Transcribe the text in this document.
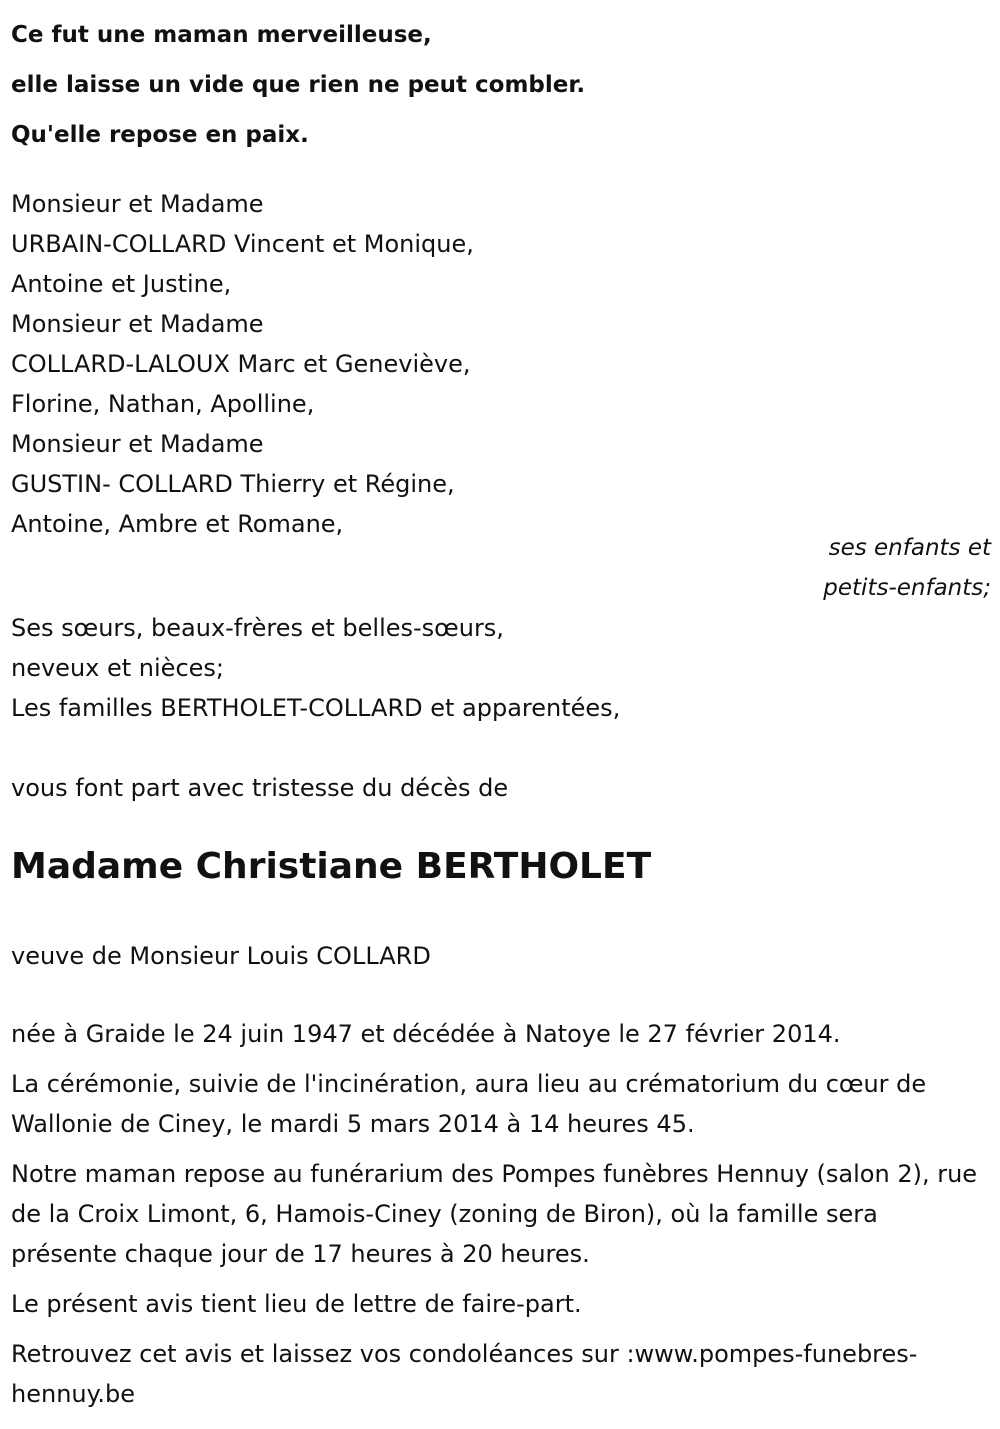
Ce fut une maman merveilleuse,
elle laisse un vide que rien ne peut combler.
Qu'elle repose en paix.
Monsieur et Madame
URBAIN-COLLARD Vincent et Monique,
Antoine et Justine,
Monsieur et Madame
COLLARD-LALOUX Marc et Geneviève,
Florine, Nathan, Apolline,
Monsieur et Madame
GUSTIN- COLLARD Thierry et Régine,
Antoine, Ambre et Romane,
ses enfants et
petits-enfants;
Ses sœurs, beaux-frères et belles-sœurs,
neveux et nièces;
Les familles BERTHOLET-COLLARD et apparentées,
vous font part avec tristesse du décès de
Madame Christiane BERTHOLET
veuve de Monsieur Louis COLLARD

née à Graide le 24 juin 1947 et décédée à Natoye le 27 février 2014.

La cérémonie, suivie de l'incinération, aura lieu au crématorium du cœur de Wallonie de Ciney, le mardi 5 mars 2014 à 14 heures 45.

Notre maman repose au funérarium des Pompes funèbres Hennuy (salon 2), rue de la Croix Limont, 6, Hamois-Ciney (zoning de Biron), où la famille sera présente chaque jour de 17 heures à 20 heures.

Le présent avis tient lieu de lettre de faire-part.

Retrouvez cet avis et laissez vos condoléances sur :www.pompes-funebres-hennuy.be
